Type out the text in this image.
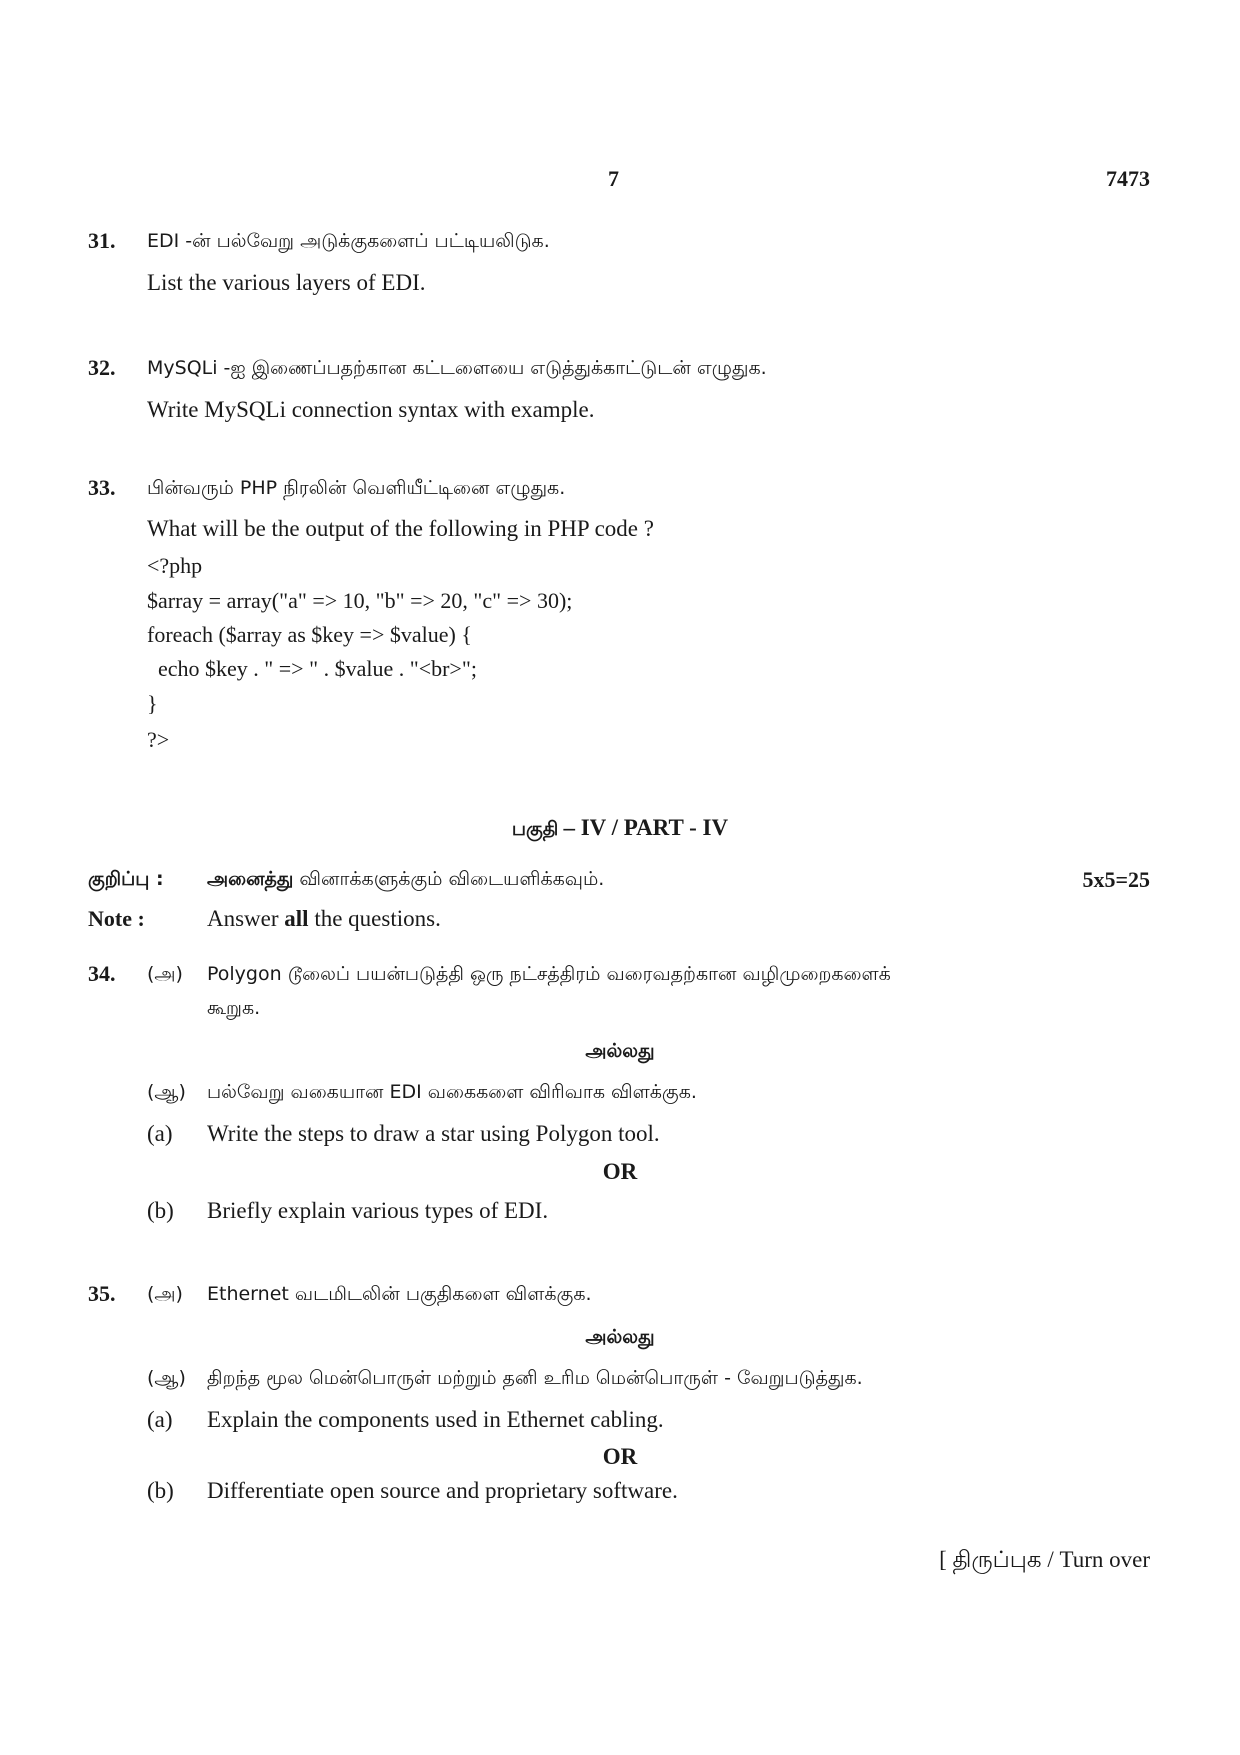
7	7473
31. EDI -ன் பல்வேறு அடுக்குகளைப் பட்டியலிடுக.
List the various layers of EDI.
32. MySQLi -ஐ இணைப்பதற்கான கட்டளையை எடுத்துக்காட்டுடன் எழுதுக.
Write MySQLi connection syntax with example.
33. பின்வரும் PHP நிரலின் வெளியீட்டினை எழுதுக.
What will be the output of the following in PHP code ?
<?php
$array = array("a" => 10, "b" => 20, "c" => 30);
foreach ($array as $key => $value) {
echo $key . " => " . $value . "<br>";
}
?>
பகுதி – IV / PART - IV
குறிப்பு : அனைத்து வினாக்களுக்கும் விடையளிக்கவும்.	5x5=25
Note :	Answer all the questions.
34. (அ) Polygon டூலைப் பயன்படுத்தி ஒரு நட்சத்திரம் வரைவதற்கான வழிமுறைகளைக்
கூறுக.
அல்லது
(ஆ) பல்வேறு வகையான EDI வகைகளை விரிவாக விளக்குக.
(a) Write the steps to draw a star using Polygon tool.
OR
(b) Briefly explain various types of EDI.
35. (அ) Ethernet வடமிடலின் பகுதிகளை விளக்குக.
அல்லது
(ஆ) திறந்த மூல மென்பொருள் மற்றும் தனி உரிம மென்பொருள் - வேறுபடுத்துக.
(a) Explain the components used in Ethernet cabling.
OR
(b) Differentiate open source and proprietary software.
[ திருப்புக / Turn over
